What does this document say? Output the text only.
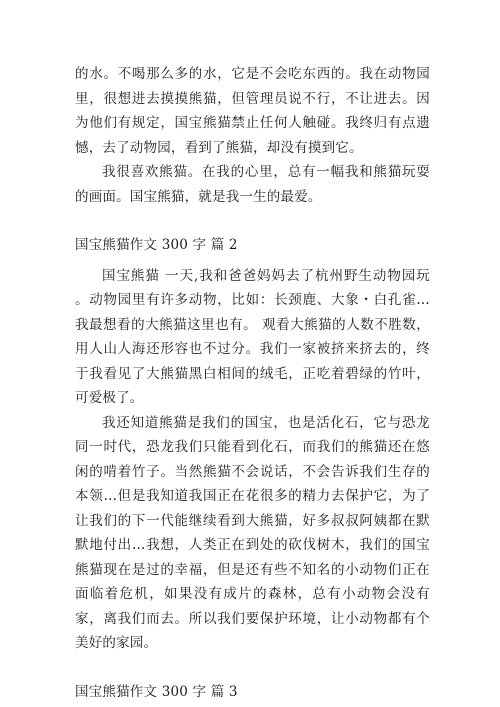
的水。不喝那么多的水，它是不会吃东西的。我在动物园里，很想进去摸摸熊猫，但管理员说不行，不让进去。因为他们有规定，国宝熊猫禁止任何人触碰。我终归有点遗憾，去了动物园，看到了熊猫，却没有摸到它。

我很喜欢熊猫。在我的心里，总有一幅我和熊猫玩耍的画面。国宝熊猫，就是我一生的最爱。

国宝熊猫作文 300 字 篇 2

国宝熊猫 一天,我和爸爸妈妈去了杭州野生动物园玩 。动物园里有许多动物，比如：长颈鹿、大象・白孔雀…我最想看的大熊猫这里也有。 观看大熊猫的人数不胜数，用人山人海还形容也不过分。我们一家被挤来挤去的，终于我看见了大熊猫黑白相间的绒毛，正吃着碧绿的竹叶，可爱极了。

我还知道熊猫是我们的国宝，也是活化石，它与恐龙同一时代，恐龙我们只能看到化石，而我们的熊猫还在悠闲的啃着竹子。当然熊猫不会说话，不会告诉我们生存的本领…但是我知道我国正在花很多的精力去保护它，为了让我们的下一代能继续看到大熊猫，好多叔叔阿姨都在默默地付出…我想，人类正在到处的砍伐树木，我们的国宝熊猫现在是过的幸福，但是还有些不知名的小动物们正在面临着危机，如果没有成片的森林，总有小动物会没有家，离我们而去。所以我们要保护环境，让小动物都有个美好的家园。

国宝熊猫作文 300 字 篇 3
